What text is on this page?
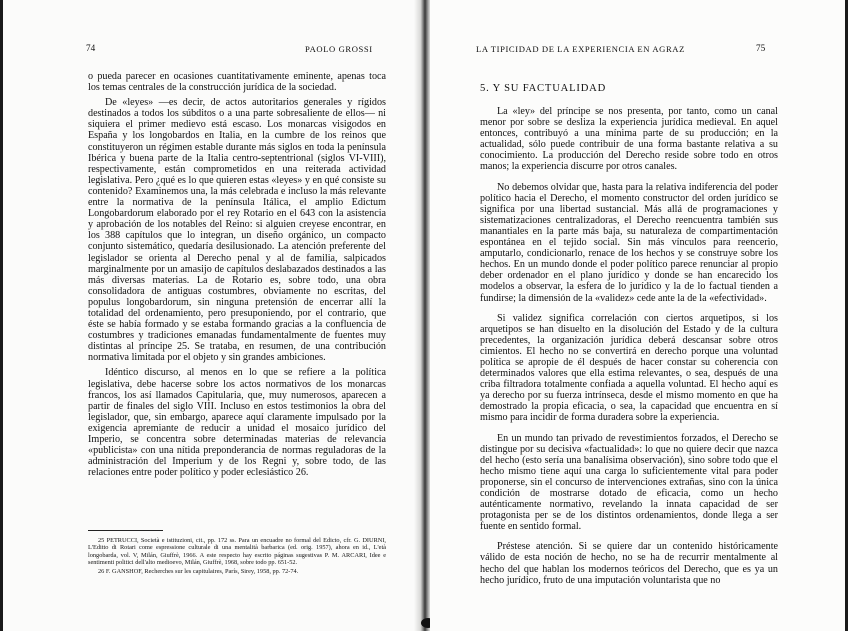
74	PAOLO GROSSI

o pueda parecer en ocasiones cuantitativamente eminente, apenas toca los temas centrales de la construcción jurídica de la sociedad.

De «leyes» —es decir, de actos autoritarios generales y rígidos destinados a todos los súbditos o a una parte sobresaliente de ellos— ni siquiera el primer medievo está escaso. Los monarcas visigodos en España y los longobardos en Italia, en la cumbre de los reinos que constituyeron un régimen estable durante más siglos en toda la península Ibérica y buena parte de la Italia centro-septentrional (siglos VI-VIII), respectivamente, están comprometidos en una reiterada actividad legislativa. Pero ¿qué es lo que quieren estas «leyes» y en qué consiste su contenido? Examinemos una, la más celebrada e incluso la más relevante entre la normativa de la península Itálica, el amplio Edictum Longobardorum elaborado por el rey Rotario en el 643 con la asistencia y aprobación de los notables del Reino: si alguien creyese encontrar, en los 388 capítulos que lo integran, un diseño orgánico, un compacto conjunto sistemático, quedaría desilusionado. La atención preferente del legislador se orienta al Derecho penal y al de familia, salpicados marginalmente por un amasijo de capítulos deslabazados destinados a las más diversas materias. La de Rotario es, sobre todo, una obra consolidadora de antiguas costumbres, obviamente no escritas, del populus longobardorum, sin ninguna pretensión de encerrar allí la totalidad del ordenamiento, pero presuponiendo, por el contrario, que éste se había formado y se estaba formando gracias a la confluencia de costumbres y tradiciones emanadas fundamentalmente de fuentes muy distintas al príncipe 25. Se trataba, en resumen, de una contribución normativa limitada por el objeto y sin grandes ambiciones.

Idéntico discurso, al menos en lo que se refiere a la política legislativa, debe hacerse sobre los actos normativos de los monarcas francos, los así llamados Capitularia, que, muy numerosos, aparecen a partir de finales del siglo VIII. Incluso en estos testimonios la obra del legislador, que, sin embargo, aparece aquí claramente impulsado por la exigencia apremiante de reducir a unidad el mosaico jurídico del Imperio, se concentra sobre determinadas materias de relevancia «publicista» con una nítida preponderancia de normas reguladoras de la administración del Imperium y de los Regni y, sobre todo, de las relaciones entre poder político y poder eclesiástico 26.

25 PETRUCCI, Società e istituzioni, cit., pp. 172 ss. Para un encuadre no formal del Edicto, cfr. G. DIURNI, L'Editto di Rotari come espressione culturale di una mentalità barbarica (ed. orig. 1957), ahora en id., L'età longobarda, vol. V, Milán, Giuffrè, 1966. A este respecto hay escrito páginas sugestivas P. M. ARCARI, Idee e sentimenti politici dell'alto medioevo, Milán, Giuffrè, 1968, sobre todo pp. 651-52.

26 F. GANSHOF, Recherches sur les capitulaires, París, Sirey, 1958, pp. 72-74.

LA TIPICIDAD DE LA EXPERIENCIA EN AGRAZ	75
5. Y SU FACTUALIDAD

La «ley» del príncipe se nos presenta, por tanto, como un canal menor por sobre se desliza la experiencia jurídica medieval. En aquel entonces, contribuyó a una mínima parte de su producción; en la actualidad, sólo puede contribuir de una forma bastante relativa a su conocimiento. La producción del Derecho reside sobre todo en otros manos; la experiencia discurre por otros canales.

No debemos olvidar que, hasta para la relativa indiferencia del poder político hacia el Derecho, el momento constructor del orden jurídico se significa por una libertad sustancial. Más allá de programaciones y sistematizaciones centralizadoras, el Derecho reencuentra también sus manantiales en la parte más baja, su naturaleza de compartimentación espontánea en el tejido social. Sin más vínculos para reencerio, amputarlo, condicionarlo, renace de los hechos y se construye sobre los hechos. En un mundo donde el poder político parece renunciar al propio deber ordenador en el plano jurídico y donde se han encarecido los modelos a observar, la esfera de lo jurídico y la de lo factual tienden a fundirse; la dimensión de la «validez» cede ante la de la «efectividad».

Si validez significa correlación con ciertos arquetipos, si los arquetipos se han disuelto en la disolución del Estado y de la cultura precedentes, la organización jurídica deberá descansar sobre otros cimientos. El hecho no se convertirá en derecho porque una voluntad política se apropie de él después de hacer constar su coherencia con determinados valores que ella estima relevantes, o sea, después de una criba filtradora totalmente confiada a aquella voluntad. El hecho aquí es ya derecho por su fuerza intrínseca, desde el mismo momento en que ha demostrado la propia eficacia, o sea, la capacidad que encuentra en sí mismo para incidir de forma duradera sobre la experiencia.

En un mundo tan privado de revestimientos forzados, el Derecho se distingue por su decisiva «factualidad»: lo que no quiere decir que nazca del hecho (esto sería una banalísima observación), sino sobre todo que el hecho mismo tiene aquí una carga lo suficientemente vital para poder proponerse, sin el concurso de intervenciones extrañas, sino con la única condición de mostrarse dotado de eficacia, como un hecho auténticamente normativo, revelando la innata capacidad de ser protagonista per se de los distintos ordenamientos, donde llega a ser fuente en sentido formal.

Préstese atención. Si se quiere dar un contenido históricamente válido de esta noción de hecho, no se ha de recurrir mentalmente al hecho del que hablan los modernos teóricos del Derecho, que es ya un hecho jurídico, fruto de una imputación voluntarista que no
